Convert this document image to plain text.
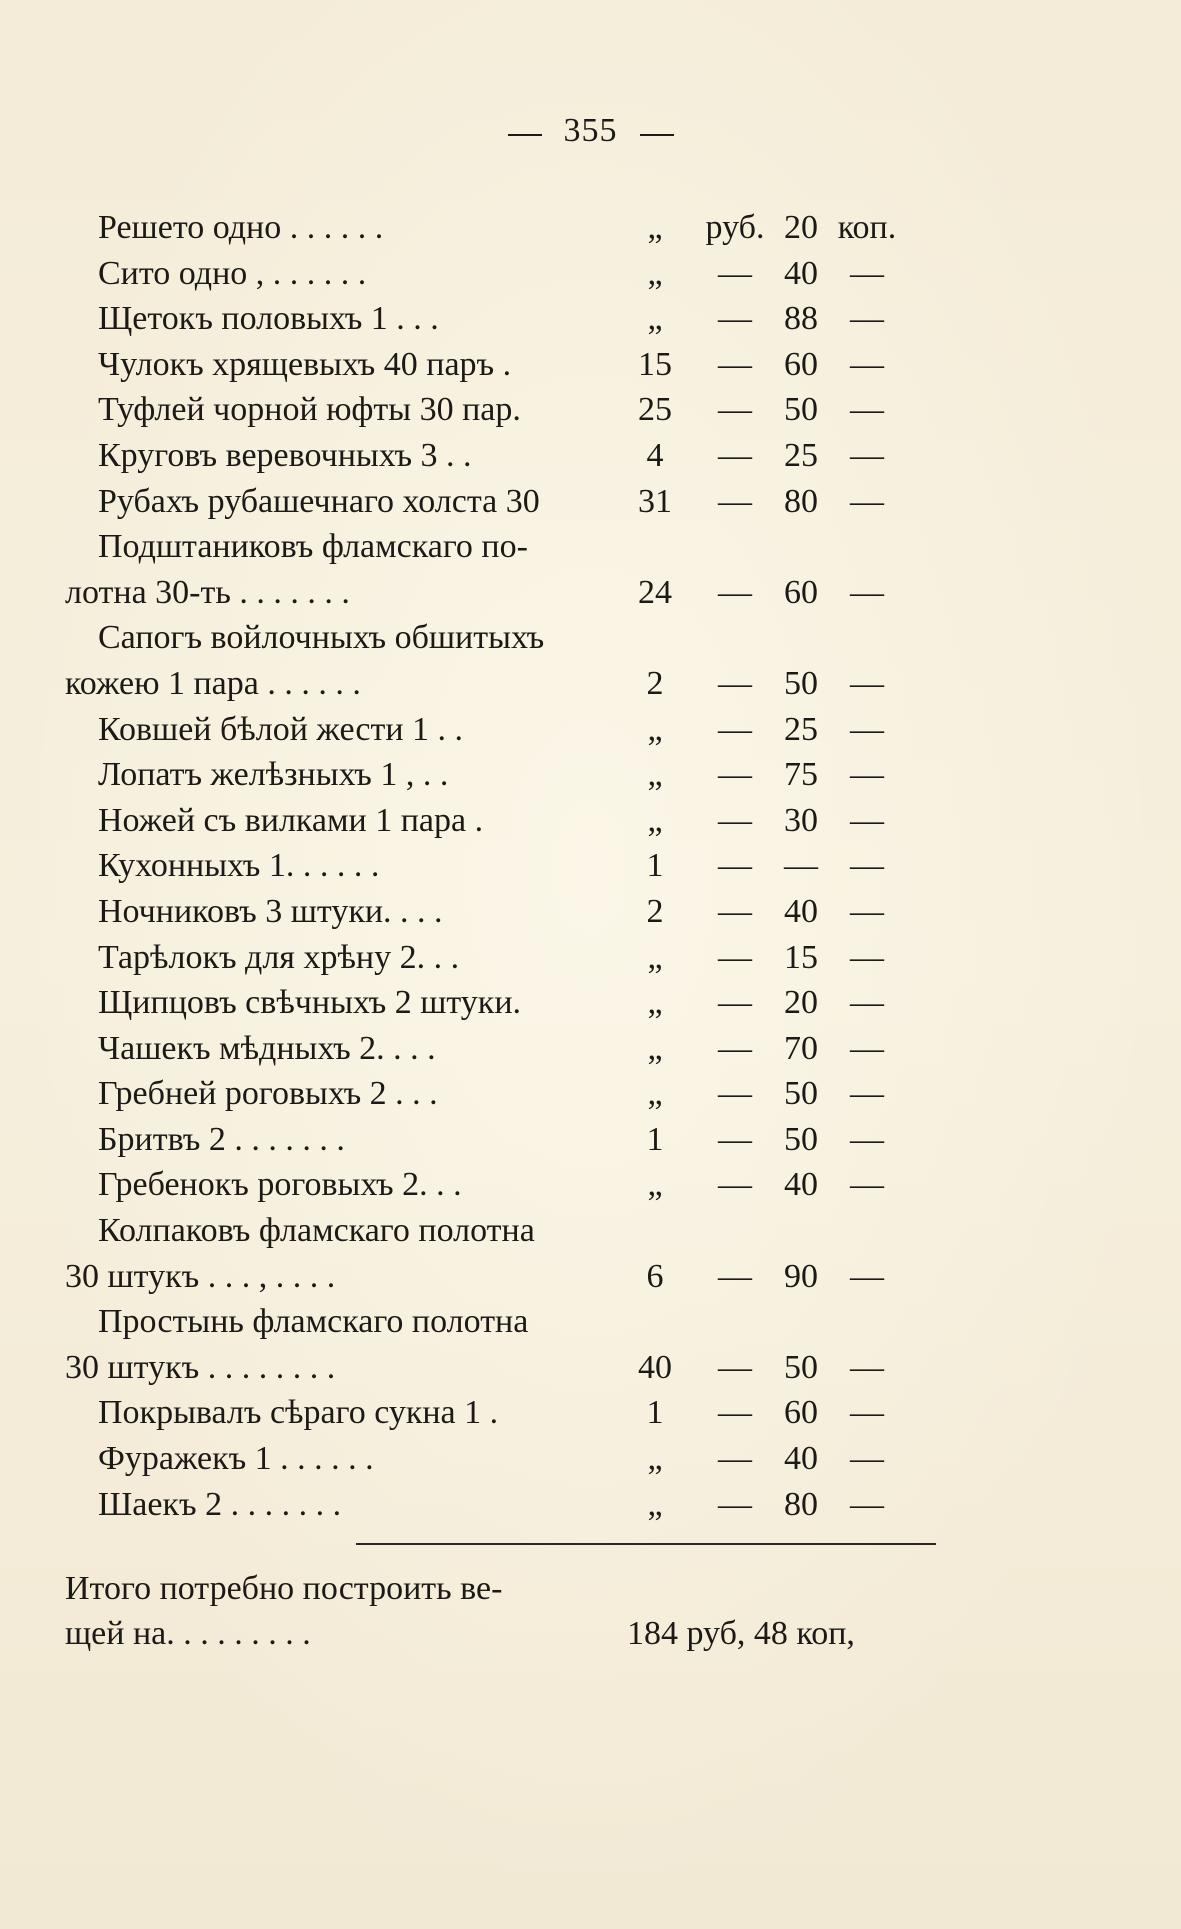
355
Решето одно . . . . . .	„	руб. 20 коп.
Сито одно , . . . . . .	„	— 40 —
Щетокъ половыхъ 1 . . .	„	— 88 —
Чулокъ хрящевыхъ 40 паръ .	15	— 60 —
Туфлей чорной юфты 30 пар.	25	— 50 —
Круговъ веревочныхъ 3 . .	4	— 25 —
Рубахъ рубашечнаго холста 30	31	— 80 —
Подштаниковъ фламскаго по-
лотна 30-ть . . . . . . .	24	— 60 —
Сапогъ войлочныхъ обшитыхъ
кожею 1 пара . . . . . .	2	— 50 —
Ковшей бѣлой жести 1 . .	„	— 25 —
Лопатъ желѣзныхъ 1 , . .	„	— 75 —
Ножей съ вилками 1 пара .	„	— 30 —
Кухонныхъ 1. . . . . .	1	— — —
Ночниковъ 3 штуки. . . .	2	— 40 —
Тарѣлокъ для хрѣну 2. . .	„	— 15 —
Щипцовъ свѣчныхъ 2 штуки.	„	— 20 —
Чашекъ мѣдныхъ 2. . . .	„	— 70 —
Гребней роговыхъ 2 . . .	„	— 50 —
Бритвъ 2 . . . . . . .	1	— 50 —
Гребенокъ роговыхъ 2. . .	„	— 40 —
Колпаковъ фламскаго полотна
30 штукъ . . . , . . . .	6	— 90 —
Простынь фламскаго полотна
30 штукъ . . . . . . . .	40	— 50 —
Покрывалъ сѣраго сукна 1 .	1	— 60 —
Фуражекъ 1 . . . . . .	„	— 40 —
Шаекъ 2 . . . . . . .	„	— 80 —
Итого потребно построить ве-
щей на. . . . . . . . .	184 руб, 48 коп,
